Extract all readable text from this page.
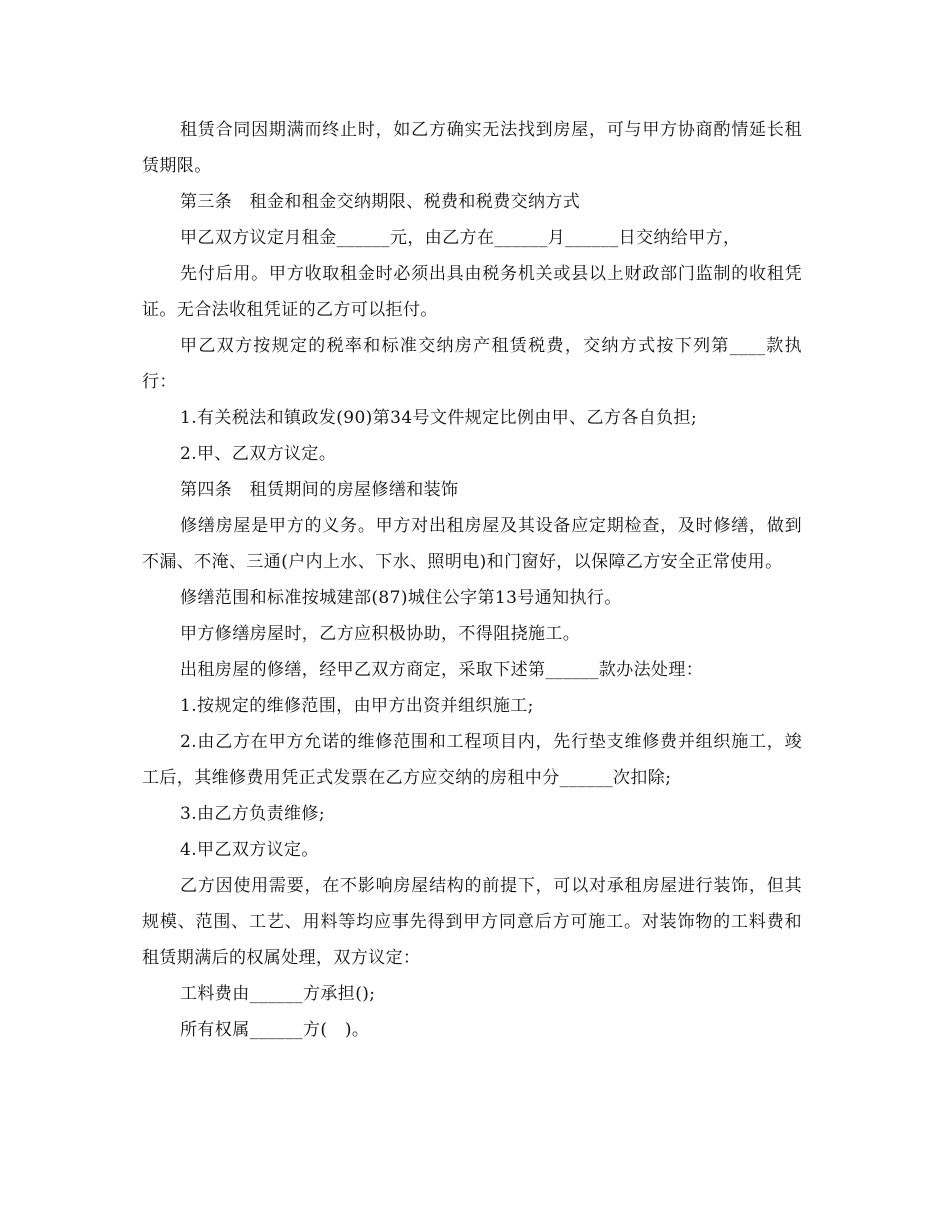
租赁合同因期满而终止时，如乙方确实无法找到房屋，可与甲方协商酌情延长租赁期限。

第三条　租金和租金交纳期限、税费和税费交纳方式

甲乙双方议定月租金______元，由乙方在______月______日交纳给甲方，

先付后用。甲方收取租金时必须出具由税务机关或县以上财政部门监制的收租凭证。无合法收租凭证的乙方可以拒付。

甲乙双方按规定的税率和标准交纳房产租赁税费，交纳方式按下列第____款执行：

1.有关税法和镇政发(90)第34号文件规定比例由甲、乙方各自负担;

2.甲、乙双方议定。

第四条　租赁期间的房屋修缮和装饰

修缮房屋是甲方的义务。甲方对出租房屋及其设备应定期检查，及时修缮，做到不漏、不淹、三通(户内上水、下水、照明电)和门窗好，以保障乙方安全正常使用。

修缮范围和标准按城建部(87)城住公字第13号通知执行。

甲方修缮房屋时，乙方应积极协助，不得阻挠施工。

出租房屋的修缮，经甲乙双方商定，采取下述第______款办法处理：

1.按规定的维修范围，由甲方出资并组织施工;

2.由乙方在甲方允诺的维修范围和工程项目内，先行垫支维修费并组织施工，竣工后，其维修费用凭正式发票在乙方应交纳的房租中分______次扣除;

3.由乙方负责维修;

4.甲乙双方议定。

乙方因使用需要，在不影响房屋结构的前提下，可以对承租房屋进行装饰，但其规模、范围、工艺、用料等均应事先得到甲方同意后方可施工。对装饰物的工料费和租赁期满后的权属处理，双方议定：

工料费由______方承担();

所有权属______方(　)。
